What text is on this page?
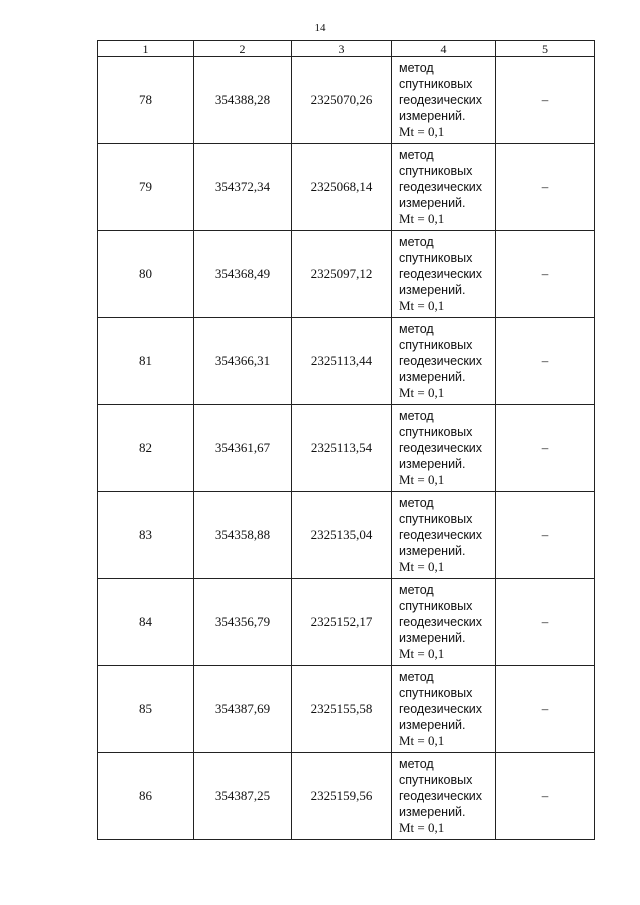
14
1	2	3	4	5
78	354388,28	2325070,26	метод
спутниковых
геодезических
измерений.
Mt = 0,1	–
79	354372,34	2325068,14	метод
спутниковых
геодезических
измерений.
Mt = 0,1	–
80	354368,49	2325097,12	метод
спутниковых
геодезических
измерений.
Mt = 0,1	–
81	354366,31	2325113,44	метод
спутниковых
геодезических
измерений.
Mt = 0,1	–
82	354361,67	2325113,54	метод
спутниковых
геодезических
измерений.
Mt = 0,1	–
83	354358,88	2325135,04	метод
спутниковых
геодезических
измерений.
Mt = 0,1	–
84	354356,79	2325152,17	метод
спутниковых
геодезических
измерений.
Mt = 0,1	–
85	354387,69	2325155,58	метод
спутниковых
геодезических
измерений.
Mt = 0,1	–
86	354387,25	2325159,56	метод
спутниковых
геодезических
измерений.
Mt = 0,1	–
